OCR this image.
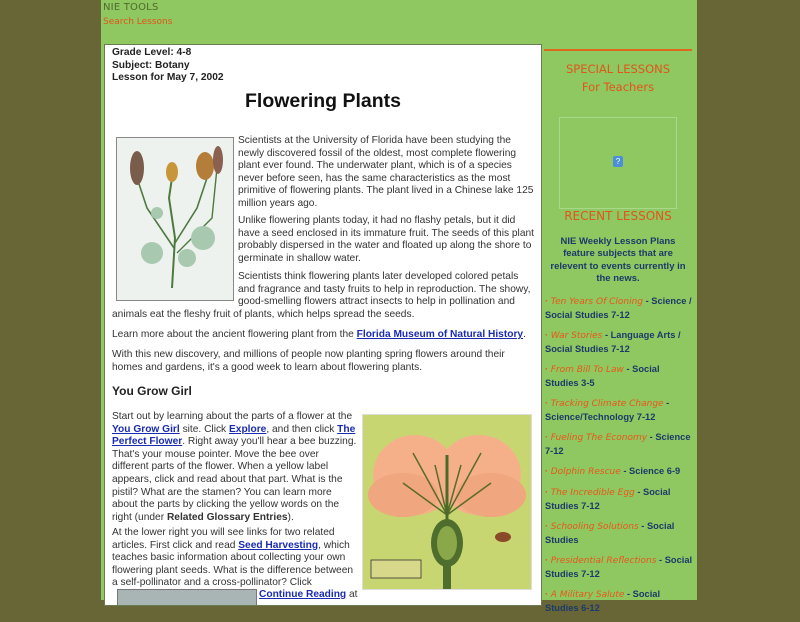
NIE TOOLS
Search Lessons
Grade Level: 4-8
Subject: Botany
Lesson for May 7, 2002
Flowering Plants

Scientists at the University of Florida have been studying the newly discovered fossil of the oldest, most complete flowering plant ever found. The underwater plant, which is of a species never before seen, has the same characteristics as the most primitive of flowering plants. The plant lived in a Chinese lake 125 million years ago.

Unlike flowering plants today, it had no flashy petals, but it did have a seed enclosed in its immature fruit. The seeds of this plant probably dispersed in the water and floated up along the shore to germinate in shallow water.

Scientists think flowering plants later developed colored petals and fragrance and tasty fruits to help in reproduction. The showy, good-smelling flowers attract insects to help in pollination and

animals eat the fleshy fruit of plants, which helps spread the seeds.

Learn more about the ancient flowering plant from the Florida Museum of Natural History.

With this new discovery, and millions of people now planting spring flowers around their homes and gardens, it's a good week to learn about flowering plants.

You Grow Girl

Start out by learning about the parts of a flower at the You Grow Girl site. Click Explore, and then click The Perfect Flower. Right away you'll hear a bee buzzing. That's your mouse pointer. Move the bee over different parts of the flower. When a yellow label appears, click and read about that part. What is the pistil? What are the stamen? You can learn more about the parts by clicking the yellow words on the right (under Related Glossary Entries).

At the lower right you will see links for two related articles. First click and read Seed Harvesting, which teaches basic information about collecting your own flowering plant seeds. What is the difference between a self-pollinator and a cross-pollinator? Click

Continue Reading at

SPECIAL LESSONS
For Teachers
?
RECENT LESSONS
NIE Weekly Lesson Plans feature subjects that are relevent to events currently in the news.
· Ten Years Of Cloning - Science / Social Studies 7-12
· War Stories - Language Arts / Social Studies 7-12
· From Bill To Law - Social Studies 3-5
· Tracking Climate Change - Science/Technology 7-12
· Fueling The Economy - Science 7-12
· Dolphin Rescue - Science 6-9
· The Incredible Egg - Social Studies 7-12
· Schooling Solutions - Social Studies
· Presidential Reflections - Social Studies 7-12
· A Military Salute - Social Studies 6-12
